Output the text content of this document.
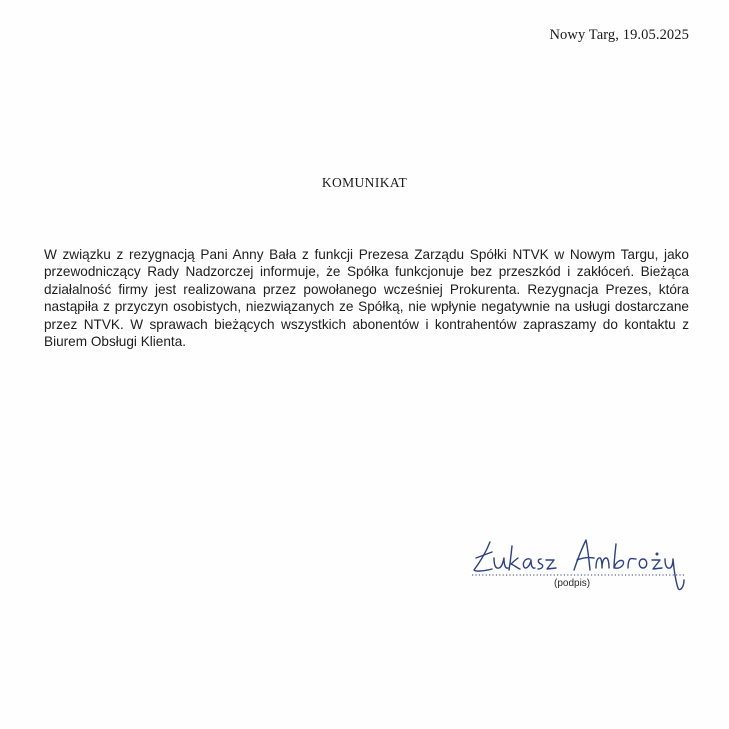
Nowy Targ, 19.05.2025
KOMUNIKAT
W związku z rezygnacją Pani Anny Bała z funkcji Prezesa Zarządu Spółki NTVK w Nowym Targu, jako przewodniczący Rady Nadzorczej informuje, że Spółka funkcjonuje bez przeszkód i zakłóceń. Bieżąca działalność firmy jest realizowana przez powołanego wcześniej Prokurenta. Rezygnacja Prezes, która nastąpiła z przyczyn osobistych, niezwiązanych ze Spółką, nie wpłynie negatywnie na usługi dostarczane przez NTVK. W sprawach bieżących wszystkich abonentów i kontrahentów zapraszamy do kontaktu z Biurem Obsługi Klienta.
(podpis)
